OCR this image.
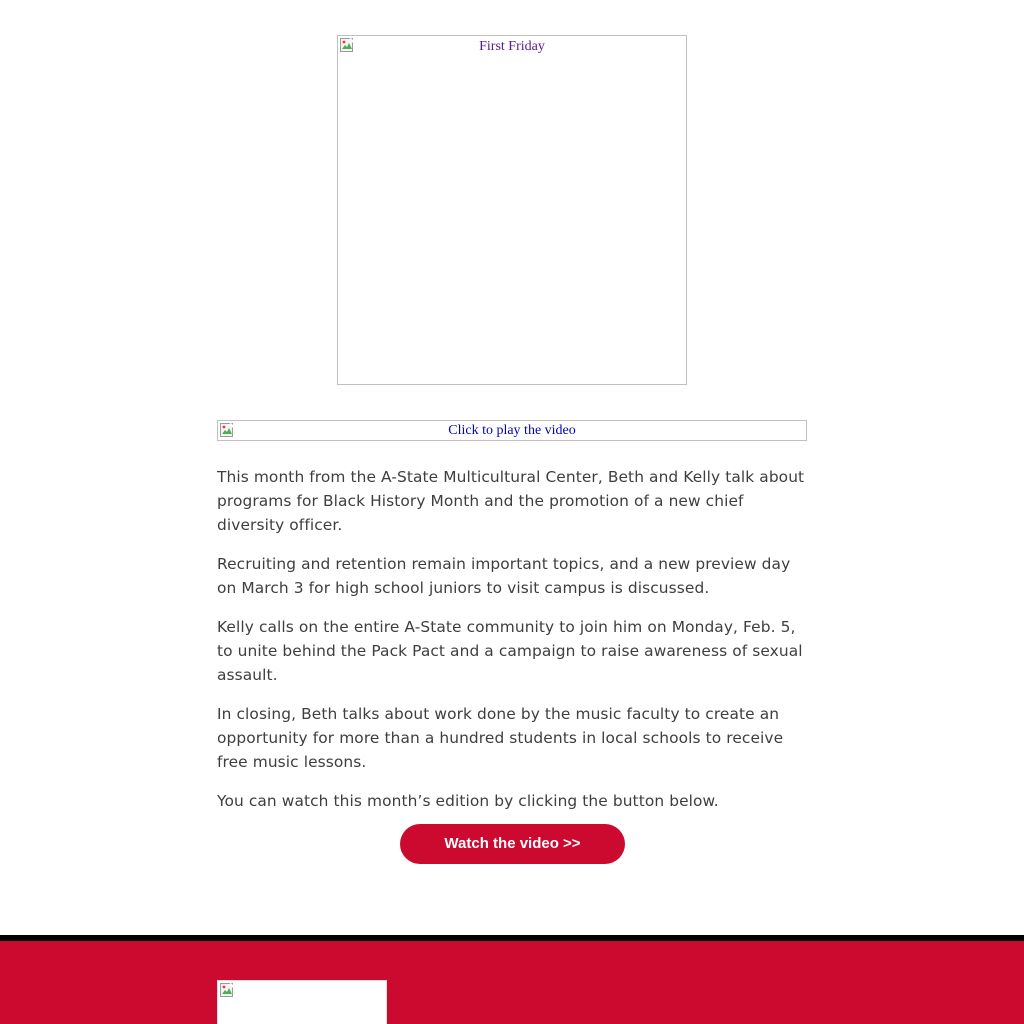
First Friday
Click to play the video

This month from the A-State Multicultural Center, Beth and Kelly talk about programs for Black History Month and the promotion of a new chief diversity officer.

Recruiting and retention remain important topics, and a new preview day on March 3 for high school juniors to visit campus is discussed.

Kelly calls on the entire A-State community to join him on Monday, Feb. 5, to unite behind the Pack Pact and a campaign to raise awareness of sexual assault.

In closing, Beth talks about work done by the music faculty to create an opportunity for more than a hundred students in local schools to receive free music lessons.

You can watch this month’s edition by clicking the button below.

Watch the video >>
